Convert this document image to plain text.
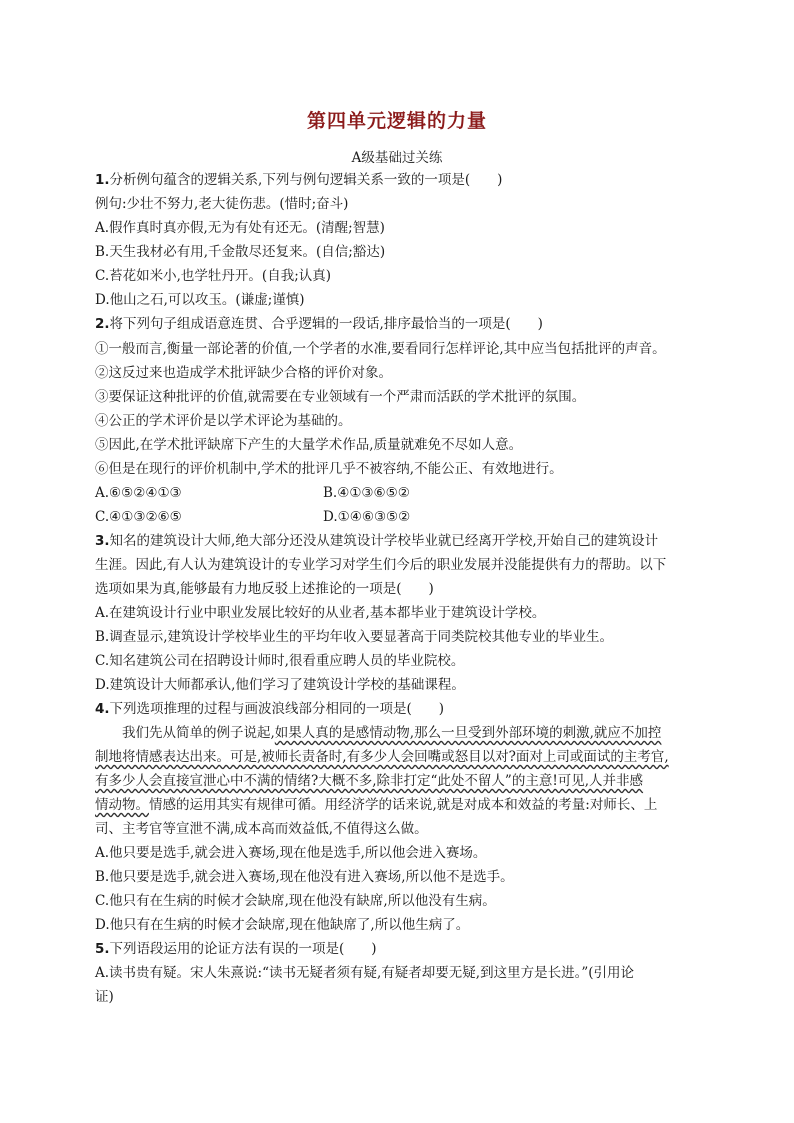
第四单元逻辑的力量
A级基础过关练
1.分析例句蕴含的逻辑关系,下列与例句逻辑关系一致的一项是(　　)
例句:少壮不努力,老大徒伤悲。(惜时;奋斗)
A.假作真时真亦假,无为有处有还无。(清醒;智慧)
B.天生我材必有用,千金散尽还复来。(自信;豁达)
C.苔花如米小,也学牡丹开。(自我;认真)
D.他山之石,可以攻玉。(谦虚;谨慎)
2.将下列句子组成语意连贯、合乎逻辑的一段话,排序最恰当的一项是(　　)
①一般而言,衡量一部论著的价值,一个学者的水准,要看同行怎样评论,其中应当包括批评的声音。
②这反过来也造成学术批评缺少合格的评价对象。
③要保证这种批评的价值,就需要在专业领域有一个严肃而活跃的学术批评的氛围。
④公正的学术评价是以学术评论为基础的。
⑤因此,在学术批评缺席下产生的大量学术作品,质量就难免不尽如人意。
⑥但是在现行的评价机制中,学术的批评几乎不被容纳,不能公正、有效地进行。
A.⑥⑤②④①③	B.④①③⑥⑤②
C.④①③②⑥⑤	D.①④⑥③⑤②
3.知名的建筑设计大师,绝大部分还没从建筑设计学校毕业就已经离开学校,开始自己的建筑设计
生涯。因此,有人认为建筑设计的专业学习对学生们今后的职业发展并没能提供有力的帮助。以下
选项如果为真,能够最有力地反驳上述推论的一项是(　　)
A.在建筑设计行业中职业发展比较好的从业者,基本都毕业于建筑设计学校。
B.调查显示,建筑设计学校毕业生的平均年收入要显著高于同类院校其他专业的毕业生。
C.知名建筑公司在招聘设计师时,很看重应聘人员的毕业院校。
D.建筑设计大师都承认,他们学习了建筑设计学校的基础课程。
4.下列选项推理的过程与画波浪线部分相同的一项是(　　)
我们先从简单的例子说起,如果人真的是感情动物,那么一旦受到外部环境的刺激,就应不加控
制地将情感表达出来。可是,被师长责备时,有多少人会回嘴或怒目以对?面对上司或面试的主考官,
有多少人会直接宣泄心中不满的情绪?大概不多,除非打定“此处不留人”的主意!可见,人并非感
情动物。情感的运用其实有规律可循。用经济学的话来说,就是对成本和效益的考量:对师长、上
司、主考官等宣泄不满,成本高而效益低,不值得这么做。
A.他只要是选手,就会进入赛场,现在他是选手,所以他会进入赛场。
B.他只要是选手,就会进入赛场,现在他没有进入赛场,所以他不是选手。
C.他只有在生病的时候才会缺席,现在他没有缺席,所以他没有生病。
D.他只有在生病的时候才会缺席,现在他缺席了,所以他生病了。
5.下列语段运用的论证方法有误的一项是(　　)
A.读书贵有疑。宋人朱熹说:“读书无疑者须有疑,有疑者却要无疑,到这里方是长进。”(引用论
证)
